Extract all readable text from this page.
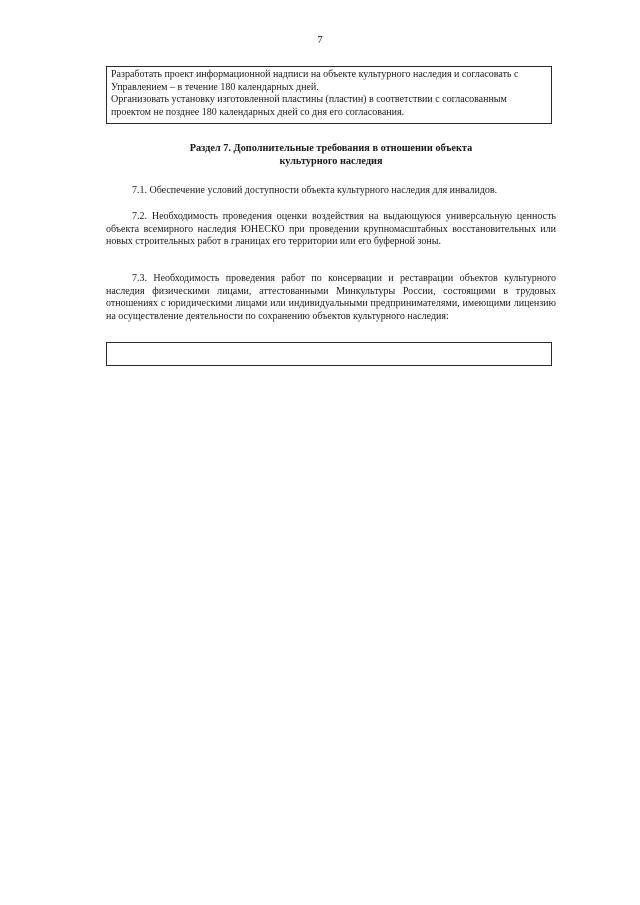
7

Разработать проект информационной надписи на объекте культурного наследия и согласовать с Управлением – в течение 180 календарных дней.

Организовать установку изготовленной пластины (пластин) в соответствии с согласованным проектом не позднее 180 календарных дней со дня его согласования.

Раздел 7. Дополнительные требования в отношении объекта
культурного наследия

7.1. Обеспечение условий доступности объекта культурного наследия для инвалидов.

7.2. Необходимость проведения оценки воздействия на выдающуюся универсальную ценность объекта всемирного наследия ЮНЕСКО при проведении крупномасштабных восстановительных или новых строительных работ в границах его территории или его буферной зоны.

7.3. Необходимость проведения работ по консервации и реставрации объектов культурного наследия физическими лицами, аттестованными Минкультуры России, состоящими в трудовых отношениях с юридическими лицами или индивидуальными предпринимателями, имеющими лицензию на осуществление деятельности по сохранению объектов культурного наследия:
